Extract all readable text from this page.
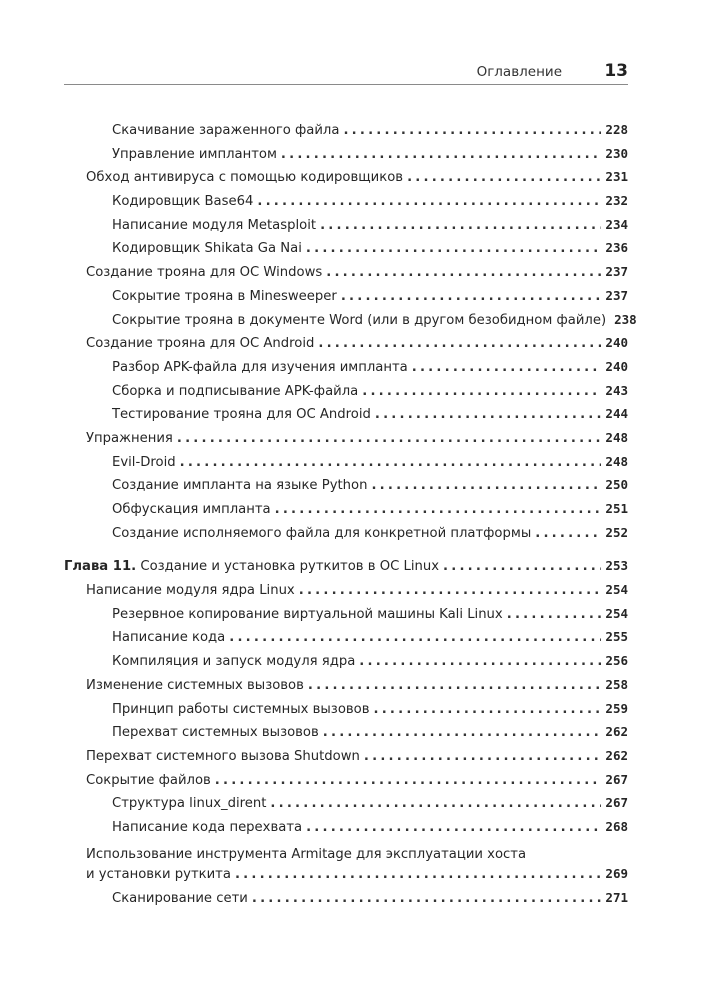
Оглавление 13
Скачивание зараженного файла .....	228
Управление имплантом .....	230
Обход антивируса с помощью кодировщиков .....	231
Кодировщик Base64 .....	232
Написание модуля Metasploit .....	234
Кодировщик Shikata Ga Nai .....	236
Создание трояна для ОС Windows .....	237
Сокрытие трояна в Minesweeper .....	237
Сокрытие трояна в документе Word (или в другом безобидном файле) 238
Создание трояна для ОС Android .....	240
Разбор APK-файла для изучения импланта .....	240
Сборка и подписывание APK-файла .....	243
Тестирование трояна для ОС Android .....	244
Упражнения .....	248
Evil-Droid .....	248
Создание импланта на языке Python .....	250
Обфускация импланта .....	251
Создание исполняемого файла для конкретной платформы .....	252
Глава 11. Создание и установка руткитов в ОС Linux .....	253
Написание модуля ядра Linux .....	254
Резервное копирование виртуальной машины Kali Linux .....	254
Написание кода .....	255
Компиляция и запуск модуля ядра .....	256
Изменение системных вызовов .....	258
Принцип работы системных вызовов .....	259
Перехват системных вызовов .....	262
Перехват системного вызова Shutdown .....	262
Сокрытие файлов .....	267
Структура linux_dirent .....	267
Написание кода перехвата .....	268
Использование инструмента Armitage для эксплуатации хоста
и установки руткита .....	269
Сканирование сети .....	271
